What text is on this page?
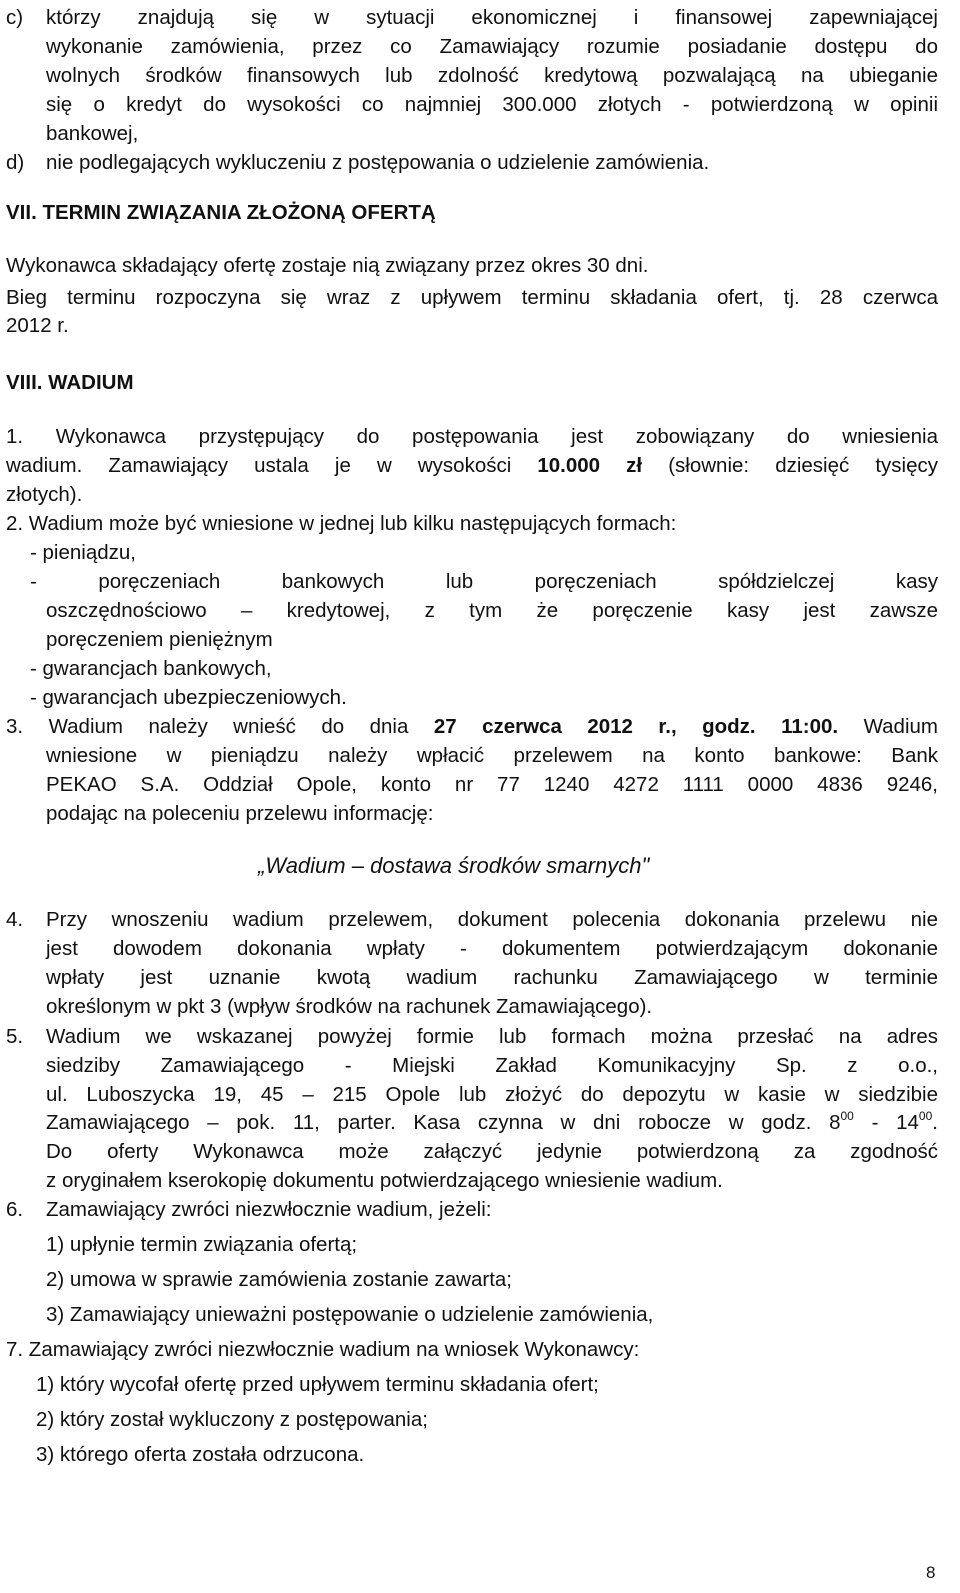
c) którzy znajdują się w sytuacji ekonomicznej i finansowej zapewniającej
wykonanie zamówienia, przez co Zamawiający rozumie posiadanie dostępu do
wolnych środków finansowych lub zdolność kredytową pozwalającą na ubieganie
się o kredyt do wysokości co najmniej 300.000 złotych - potwierdzoną w opinii
bankowej,
d) nie podlegających wykluczeniu z postępowania o udzielenie zamówienia.
VII. TERMIN ZWIĄZANIA ZŁOŻONĄ OFERTĄ
Wykonawca składający ofertę zostaje nią związany przez okres 30 dni.
Bieg terminu rozpoczyna się wraz z upływem terminu składania ofert, tj. 28 czerwca
2012 r.
VIII. WADIUM
1. Wykonawca przystępujący do postępowania jest zobowiązany do wniesienia
wadium. Zamawiający ustala je w wysokości 10.000 zł (słownie: dziesięć tysięcy
złotych).
2. Wadium może być wniesione w jednej lub kilku następujących formach:
- pieniądzu,
- poręczeniach bankowych lub poręczeniach spółdzielczej kasy
oszczędnościowo – kredytowej, z tym że poręczenie kasy jest zawsze
poręczeniem pieniężnym
- gwarancjach bankowych,
- gwarancjach ubezpieczeniowych.
3. Wadium należy wnieść do dnia 27 czerwca 2012 r., godz. 11:00. Wadium
wniesione w pieniądzu należy wpłacić przelewem na konto bankowe: Bank
PEKAO S.A. Oddział Opole, konto nr 77 1240 4272 1111 0000 4836 9246,
podając na poleceniu przelewu informację:
„Wadium – dostawa środków smarnych"
4. Przy wnoszeniu wadium przelewem, dokument polecenia dokonania przelewu nie
jest dowodem dokonania wpłaty - dokumentem potwierdzającym dokonanie
wpłaty jest uznanie kwotą wadium rachunku Zamawiającego w terminie
określonym w pkt 3 (wpływ środków na rachunek Zamawiającego).
5. Wadium we wskazanej powyżej formie lub formach można przesłać na adres
siedziby Zamawiającego - Miejski Zakład Komunikacyjny Sp. z o.o.,
ul. Luboszycka 19, 45 – 215 Opole lub złożyć do depozytu w kasie w siedzibie
Zamawiającego – pok. 11, parter. Kasa czynna w dni robocze w godz. $8^{00} - 14^{00}$.
Do oferty Wykonawca może załączyć jedynie potwierdzoną za zgodność
z oryginałem kserokopię dokumentu potwierdzającego wniesienie wadium.
6. Zamawiający zwróci niezwłocznie wadium, jeżeli:
1) upłynie termin związania ofertą;
2) umowa w sprawie zamówienia zostanie zawarta;
3) Zamawiający unieważni postępowanie o udzielenie zamówienia,
7. Zamawiający zwróci niezwłocznie wadium na wniosek Wykonawcy:
1) który wycofał ofertę przed upływem terminu składania ofert;
2) który został wykluczony z postępowania;
3) którego oferta została odrzucona.
8
